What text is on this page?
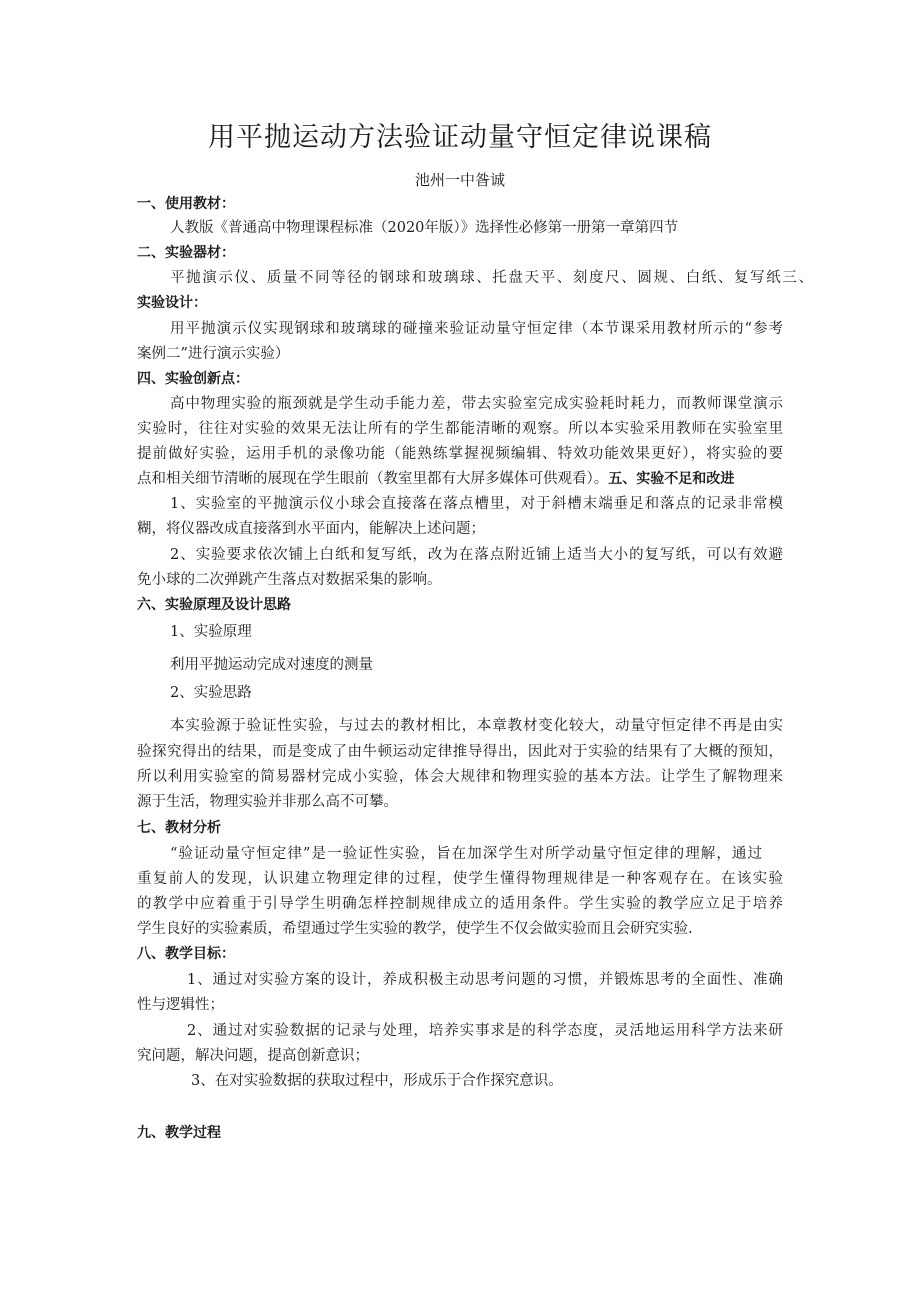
用平抛运动方法验证动量守恒定律说课稿
池州一中昝诚
一、使用教材：
人教版《普通高中物理课程标准（2020年版）》选择性必修第一册第一章第四节
二、实验器材：
平抛演示仪、质量不同等径的钢球和玻璃球、托盘天平、刻度尺、圆规、白纸、复写纸三、
实验设计：
用平抛演示仪实现钢球和玻璃球的碰撞来验证动量守恒定律（本节课采用教材所示的“参考
案例二”进行演示实验）
四、实验创新点：
高中物理实验的瓶颈就是学生动手能力差，带去实验室完成实验耗时耗力，而教师课堂演示
实验时，往往对实验的效果无法让所有的学生都能清晰的观察。所以本实验采用教师在实验室里
提前做好实验，运用手机的录像功能（能熟练掌握视频编辑、特效功能效果更好），将实验的要
点和相关细节清晰的展现在学生眼前（教室里都有大屏多媒体可供观看）。五、实验不足和改进
1、实验室的平抛演示仪小球会直接落在落点槽里，对于斜槽末端垂足和落点的记录非常模
糊，将仪器改成直接落到水平面内，能解决上述问题；
2、实验要求依次铺上白纸和复写纸，改为在落点附近铺上适当大小的复写纸，可以有效避
免小球的二次弹跳产生落点对数据采集的影响。
六、实验原理及设计思路
1、实验原理
利用平抛运动完成对速度的测量
2、实验思路
本实验源于验证性实验，与过去的教材相比，本章教材变化较大，动量守恒定律不再是由实
验探究得出的结果，而是变成了由牛顿运动定律推导得出，因此对于实验的结果有了大概的预知，
所以利用实验室的简易器材完成小实验，体会大规律和物理实验的基本方法。让学生了解物理来
源于生活，物理实验并非那么高不可攀。
七、教材分析
“验证动量守恒定律”是一验证性实验，旨在加深学生对所学动量守恒定律的理解，通过
重复前人的发现，认识建立物理定律的过程，使学生懂得物理规律是一种客观存在。在该实验
的教学中应着重于引导学生明确怎样控制规律成立的适用条件。学生实验的教学应立足于培养
学生良好的实验素质，希望通过学生实验的教学，使学生不仅会做实验而且会研究实验.
八、教学目标：
1、通过对实验方案的设计，养成积极主动思考问题的习惯，并锻炼思考的全面性、准确
性与逻辑性；
2、通过对实验数据的记录与处理，培养实事求是的科学态度，灵活地运用科学方法来研
究问题，解决问题，提高创新意识；
3、在对实验数据的获取过程中，形成乐于合作探究意识。
九、教学过程
